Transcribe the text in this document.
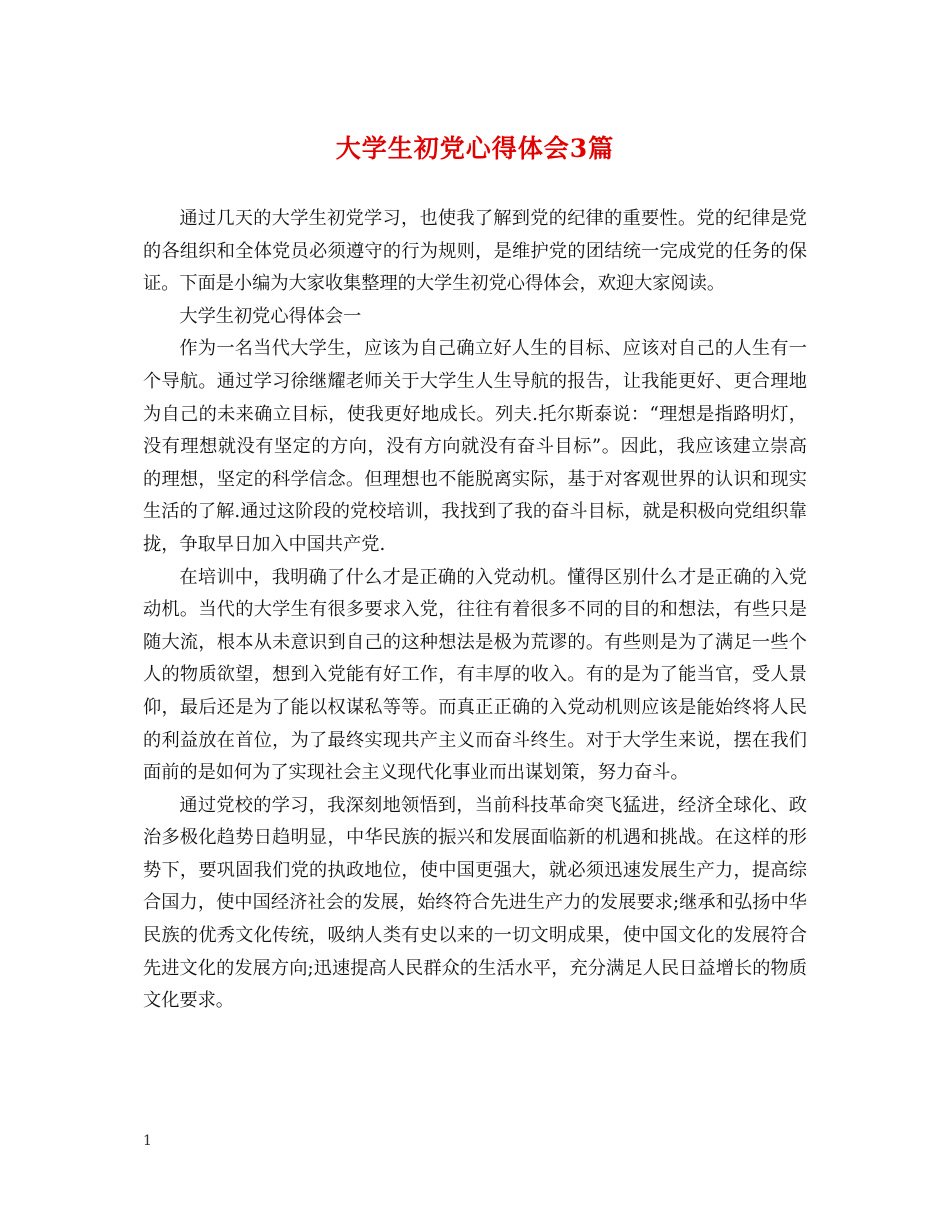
大学生初党心得体会3篇

通过几天的大学生初党学习，也使我了解到党的纪律的重要性。党的纪律是党的各组织和全体党员必须遵守的行为规则，是维护党的团结统一完成党的任务的保证。下面是小编为大家收集整理的大学生初党心得体会，欢迎大家阅读。

大学生初党心得体会一

作为一名当代大学生，应该为自己确立好人生的目标、应该对自己的人生有一个导航。通过学习徐继耀老师关于大学生人生导航的报告，让我能更好、更合理地为自己的未来确立目标，使我更好地成长。列夫.托尔斯泰说：“理想是指路明灯，没有理想就没有坚定的方向，没有方向就没有奋斗目标”。因此，我应该建立崇高的理想，坚定的科学信念。但理想也不能脱离实际，基于对客观世界的认识和现实生活的了解.通过这阶段的党校培训，我找到了我的奋斗目标，就是积极向党组织靠拢，争取早日加入中国共产党.

在培训中，我明确了什么才是正确的入党动机。懂得区别什么才是正确的入党动机。当代的大学生有很多要求入党，往往有着很多不同的目的和想法，有些只是随大流，根本从未意识到自己的这种想法是极为荒谬的。有些则是为了满足一些个人的物质欲望，想到入党能有好工作，有丰厚的收入。有的是为了能当官，受人景仰，最后还是为了能以权谋私等等。而真正正确的入党动机则应该是能始终将人民的利益放在首位，为了最终实现共产主义而奋斗终生。对于大学生来说，摆在我们面前的是如何为了实现社会主义现代化事业而出谋划策，努力奋斗。

通过党校的学习，我深刻地领悟到，当前科技革命突飞猛进，经济全球化、政治多极化趋势日趋明显，中华民族的振兴和发展面临新的机遇和挑战。在这样的形势下，要巩固我们党的执政地位，使中国更强大，就必须迅速发展生产力，提高综合国力，使中国经济社会的发展，始终符合先进生产力的发展要求;继承和弘扬中华民族的优秀文化传统，吸纳人类有史以来的一切文明成果，使中国文化的发展符合先进文化的发展方向;迅速提高人民群众的生活水平，充分满足人民日益增长的物质文化要求。

1
